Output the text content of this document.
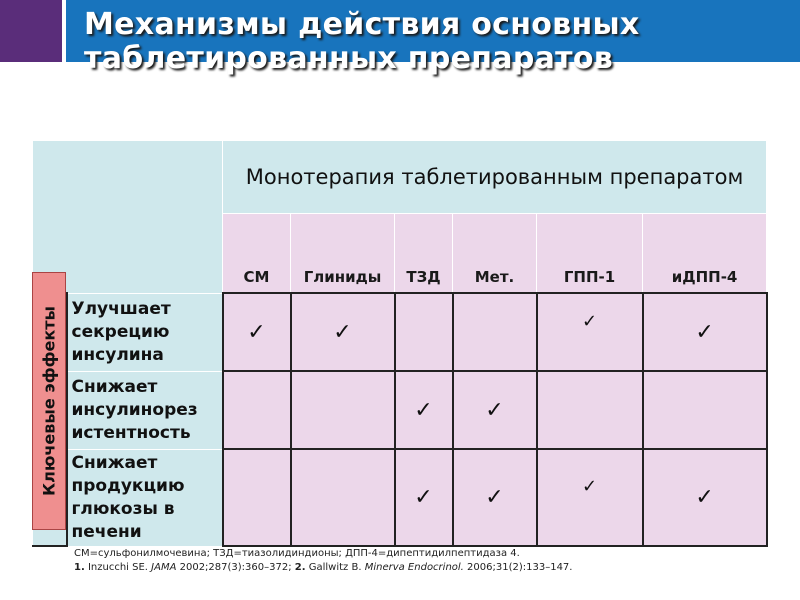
Механизмы действия основных таблетированных препаратов
		Монотерапия таблетированным препаратом					
		СМ	Глиниды	ТЗД	Мет.	ГПП-1	иДПП-4
	Улучшает секрецию инсулина	✓	✓			✓	✓
	Снижает инсулинорез истентность			✓	✓		
	Снижает продукцию глюкозы в печени			✓	✓	✓	✓
Ключевые эффекты
СМ=сульфонилмочевина; ТЗД=тиазолидиндионы; ДПП-4=дипептидилпептидаза 4.
1. Inzucchi SE. JAMA 2002;287(3):360–372; 2. Gallwitz B. Minerva Endocrinol. 2006;31(2):133–147.
